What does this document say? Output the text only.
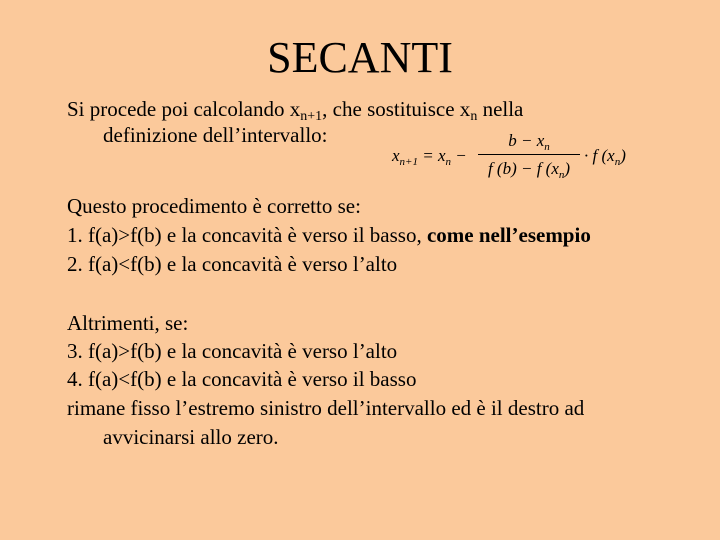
SECANTI
Si procede poi calcolando $x_{n+1}$, che sostituisce $x_n$ nella
definizione dell’intervallo:
Questo procedimento è corretto se:
1. f(a)>f(b) e la concavità è verso il basso, come nell’esempio
2. f(a)<f(b) e la concavità è verso l’alto
Altrimenti, se:
3. f(a)>f(b) e la concavità è verso l’alto
4. f(a)<f(b) e la concavità è verso il basso
rimane fisso l’estremo sinistro dell’intervallo ed è il destro ad
avvicinarsi allo zero.
$x_{n+1} = x_n$ −
$b - x_n$
f (b) − f $(x_n)$
· f $(x_n)$
